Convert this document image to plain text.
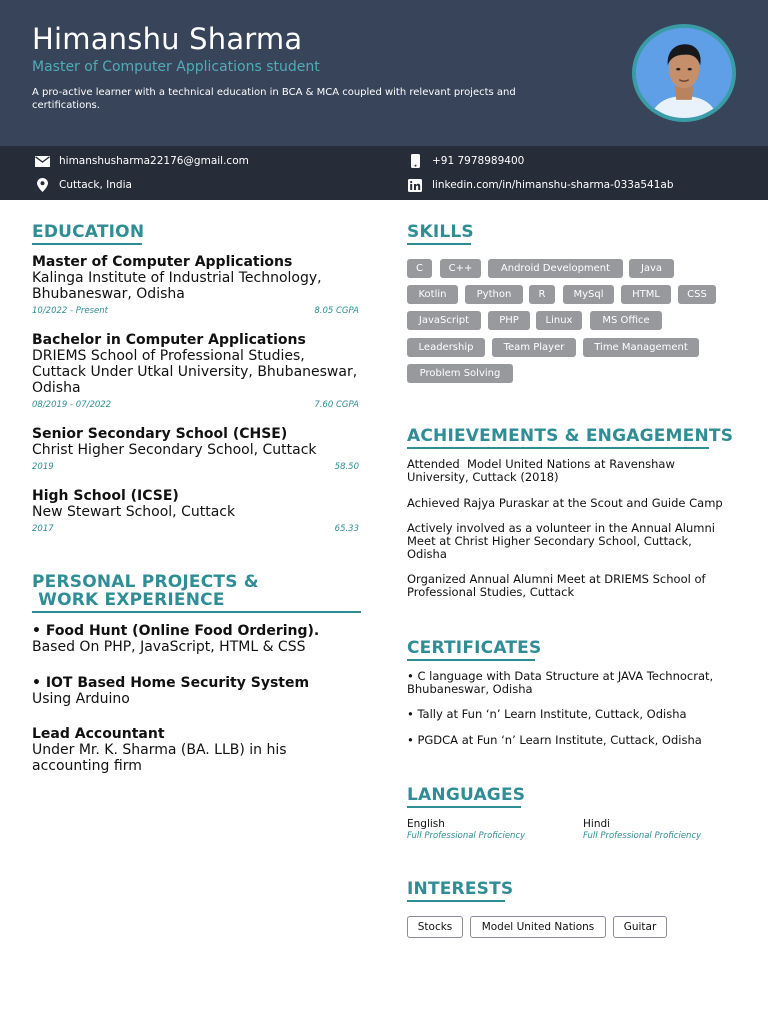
Himanshu Sharma
Master of Computer Applications student
A pro-active learner with a technical education in BCA & MCA coupled with relevant projects and certifications.
himanshusharma22176@gmail.com	+91 7978989400
Cuttack, India	linkedin.com/in/himanshu-sharma-033a541ab
EDUCATION
Master of Computer Applications
Kalinga Institute of Industrial Technology,
Bhubaneswar, Odisha
10/2022 - Present	8.05 CGPA
Bachelor in Computer Applications
DRIEMS School of Professional Studies,
Cuttack Under Utkal University, Bhubaneswar,
Odisha
08/2019 - 07/2022	7.60 CGPA
Senior Secondary School (CHSE)
Christ Higher Secondary School, Cuttack
2019	58.50
High School (ICSE)
New Stewart School, Cuttack
2017	65.33
PERSONAL PROJECTS &
WORK EXPERIENCE
• Food Hunt (Online Food Ordering).
Based On PHP, JavaScript, HTML & CSS
• IOT Based Home Security System
Using Arduino
Lead Accountant
Under Mr. K. Sharma (BA. LLB) in his
accounting firm
SKILLS
C	C++	Android Development	Java
Kotlin	Python	R	MySql	HTML	CSS
JavaScript	PHP	Linux	MS Office
Leadership	Team Player	Time Management
Problem Solving
ACHIEVEMENTS & ENGAGEMENTS
Attended  Model United Nations at Ravenshaw
University, Cuttack (2018)
Achieved Rajya Puraskar at the Scout and Guide Camp
Actively involved as a volunteer in the Annual Alumni
Meet at Christ Higher Secondary School, Cuttack,
Odisha
Organized Annual Alumni Meet at DRIEMS School of
Professional Studies, Cuttack
CERTIFICATES
• C language with Data Structure at JAVA Technocrat,
Bhubaneswar, Odisha
• Tally at Fun ‘n’ Learn Institute, Cuttack, Odisha
• PGDCA at Fun ‘n’ Learn Institute, Cuttack, Odisha
LANGUAGES
English
Full Professional Proficiency
Hindi
Full Professional Proficiency
INTERESTS
Stocks	Model United Nations	Guitar
